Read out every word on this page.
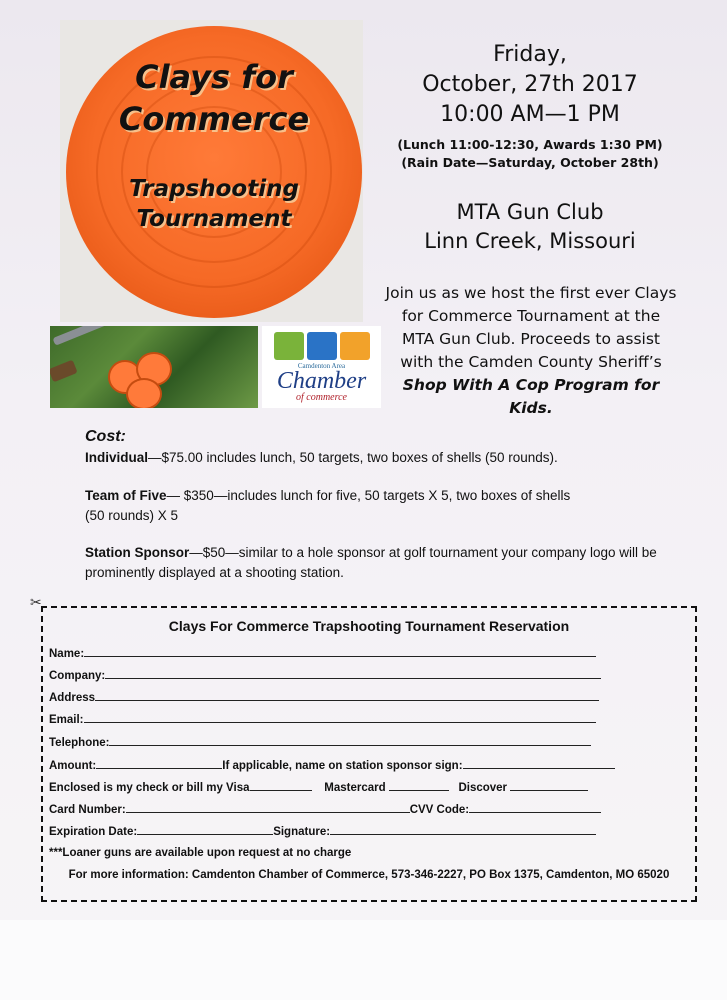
Clays for
Commerce
Trapshooting
Tournament
Friday,
October, 27th 2017
10:00 AM—1 PM
(Lunch 11:00-12:30, Awards 1:30 PM)
(Rain Date—Saturday, October 28th)
MTA Gun Club
Linn Creek, Missouri
Join us as we host the first ever Clays for Commerce Tournament at the MTA Gun Club. Proceeds to assist with the Camden County Sheriff’s Shop With A Cop Program for Kids.
Camdenton Area
Chamber
of commerce
Cost:
Individual—$75.00 includes lunch, 50 targets, two boxes of shells (50 rounds).
Team of Five— $350—includes lunch for five, 50 targets X 5, two boxes of shells (50 rounds) X 5
Station Sponsor—$50—similar to a hole sponsor at golf tournament your company logo will be prominently displayed at a shooting station.
✂
Clays For Commerce Trapshooting Tournament Reservation
Name:
Company:
Address
Email:
Telephone:
Amount:	If applicable, name on station sponsor sign:
Enclosed is my check or bill my Visa	Mastercard	Discover
Card Number:	CVV Code:
Expiration Date:	Signature:
***Loaner guns are available upon request at no charge
For more information: Camdenton Chamber of Commerce, 573-346-2227, PO Box 1375, Camdenton, MO 65020
